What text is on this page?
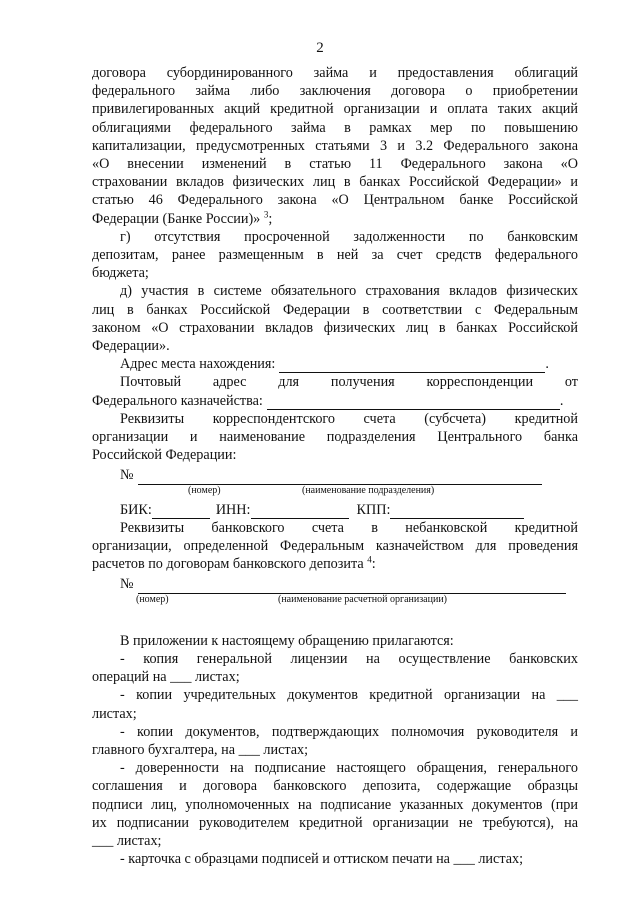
2
договора субординированного займа и предоставления облигаций
федерального займа либо заключения договора о приобретении
привилегированных акций кредитной организации и оплата таких акций
облигациями федерального займа в рамках мер по повышению
капитализации, предусмотренных статьями 3 и 3.2 Федерального закона
«О внесении изменений в статью 11 Федерального закона «О
страховании вкладов физических лиц в банках Российской Федерации» и
статью 46 Федерального закона «О Центральном банке Российской
Федерации (Банке России)» $^3$;
г) отсутствия просроченной задолженности по банковским
депозитам, ранее размещенным в ней за счет средств федерального
бюджета;
д) участия в системе обязательного страхования вкладов физических
лиц в банках Российской Федерации в соответствии с Федеральным
законом «О страховании вкладов физических лиц в банках Российской
Федерации».
Адрес места нахождения:	.
Почтовый адрес для получения корреспонденции от
Федерального казначейства:	.
Реквизиты корреспондентского счета (субсчета) кредитной
организации и наименование подразделения Центрального банка
Российской Федерации:
№
(номер)	(наименование подразделения)
БИК:	ИНН:	КПП:
Реквизиты банковского счета в небанковской кредитной
организации, определенной Федеральным казначейством для проведения
расчетов по договорам банковского депозита $^4$:
№
(номер)	(наименование расчетной организации)
В приложении к настоящему обращению прилагаются:
- копия генеральной лицензии на осуществление банковских
операций на ___ листах;
- копии учредительных документов кредитной организации на ___
листах;
- копии документов, подтверждающих полномочия руководителя и
главного бухгалтера, на ___ листах;
- доверенности на подписание настоящего обращения, генерального
соглашения и договора банковского депозита, содержащие образцы
подписи лиц, уполномоченных на подписание указанных документов (при
их подписании руководителем кредитной организации не требуются), на
___ листах;
- карточка с образцами подписей и оттиском печати на ___ листах;
